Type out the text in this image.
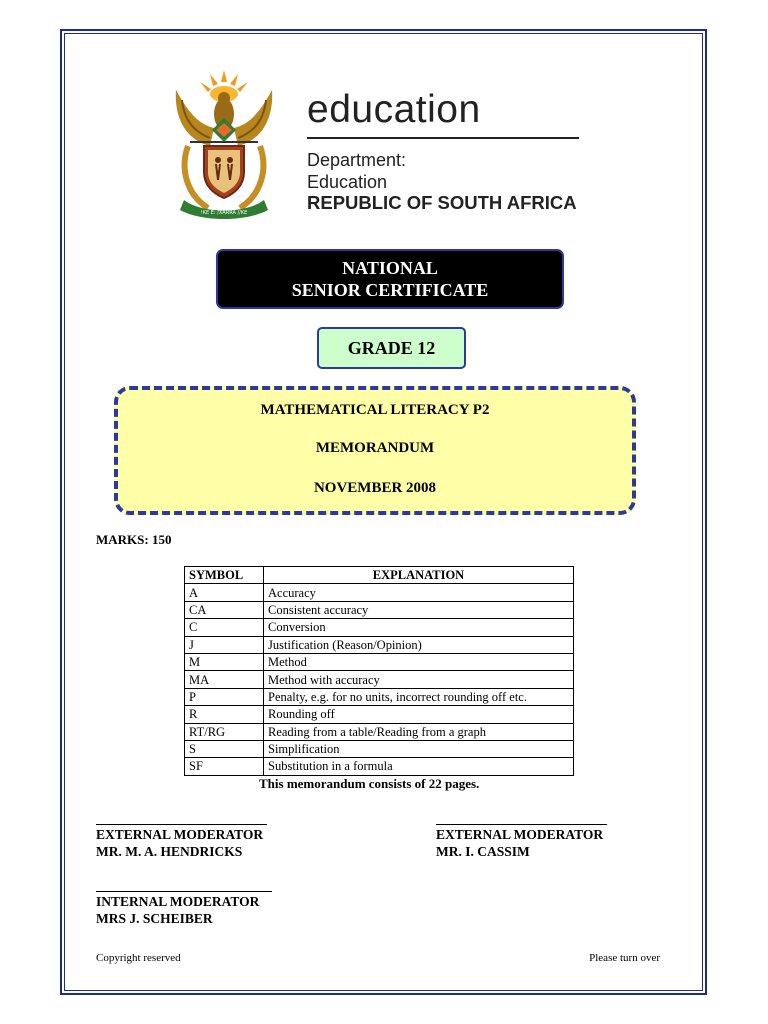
!KE E: /XARRA //KE
education
Department:
Education
REPUBLIC OF SOUTH AFRICA
NATIONAL
SENIOR CERTIFICATE
GRADE 12
MATHEMATICAL LITERACY P2
MEMORANDUM
NOVEMBER 2008
MARKS: 150
SYMBOL	EXPLANATION
A	Accuracy
CA	Consistent accuracy
C	Conversion
J	Justification (Reason/Opinion)
M	Method
MA	Method with accuracy
P	Penalty, e.g. for no units, incorrect rounding off etc.
R	Rounding off
RT/RG	Reading from a table/Reading from a graph
S	Simplification
SF	Substitution in a formula
This memorandum consists of 22 pages.
EXTERNAL MODERATOR
MR. M. A. HENDRICKS
EXTERNAL MODERATOR
MR. I. CASSIM
INTERNAL MODERATOR
MRS J. SCHEIBER
Copyright reserved	Please turn over
